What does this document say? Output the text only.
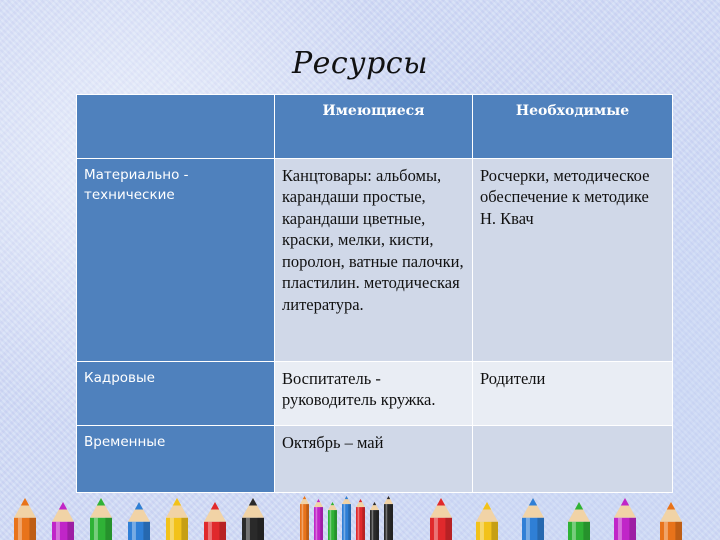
Ресурсы
	Имеющиеся	Необходимые
Материально - технические	Канцтовары: альбомы, карандаши простые, карандаши цветные, краски, мелки, кисти, поролон, ватные палочки, пластилин. методическая литература.	Росчерки, методическое обеспечение к методике Н. Квач
Кадровые	Воспитатель - руководитель кружка.	Родители
Временные	Октябрь – май	
